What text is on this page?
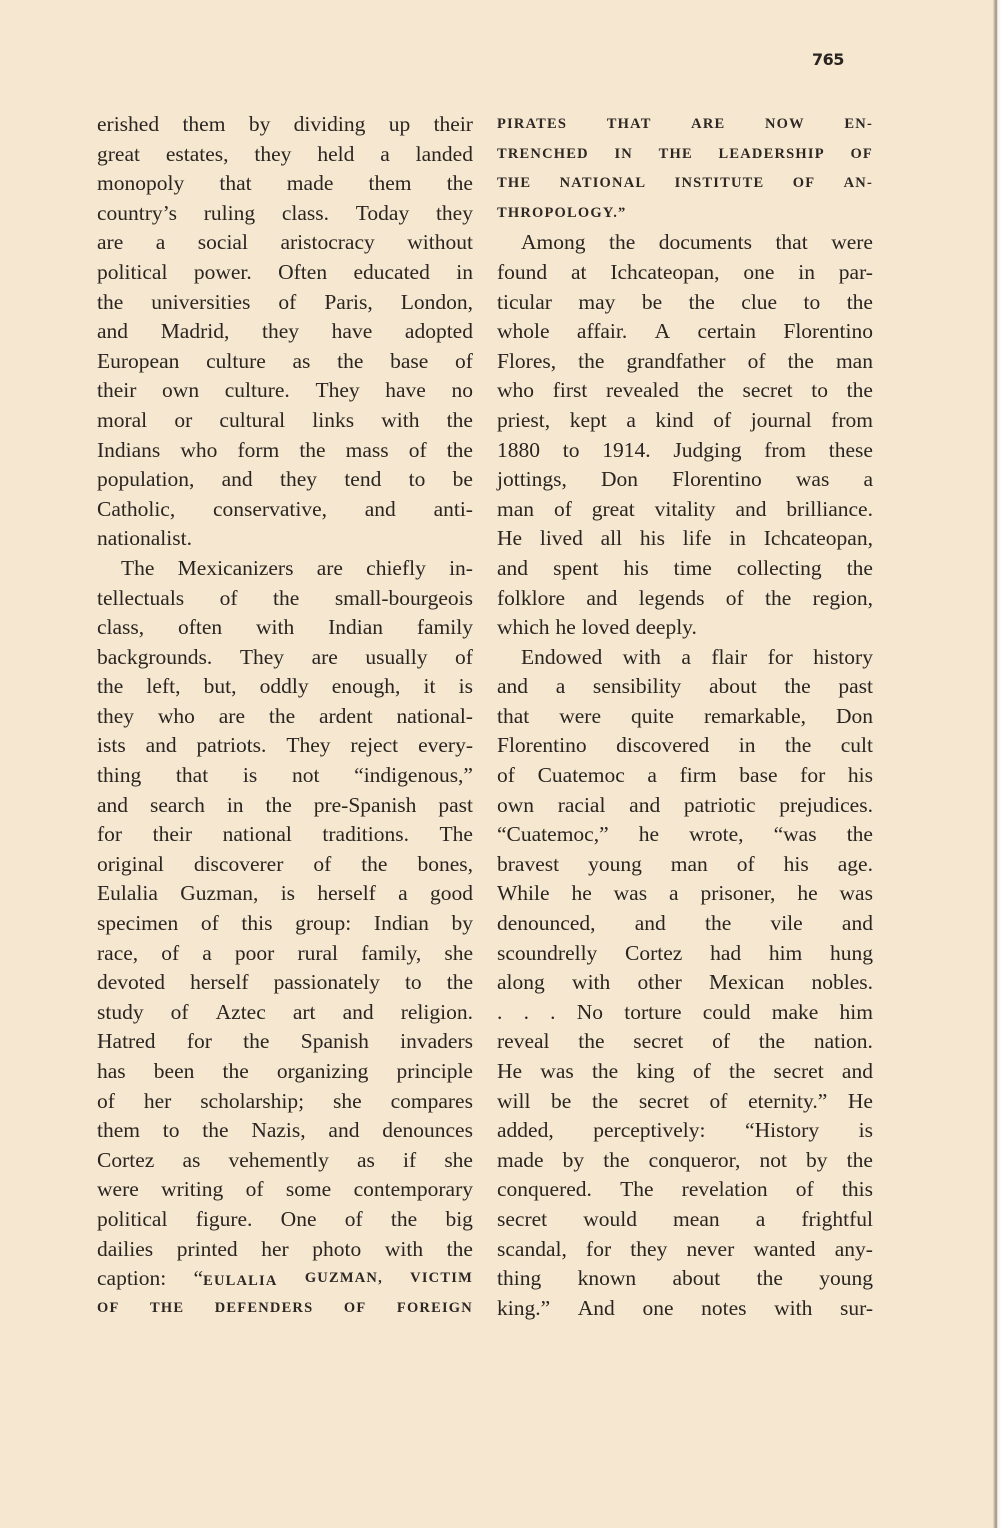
765
erished them by dividing up their
great estates, they held a landed
monopoly that made them the
country’s ruling class. Today they
are a social aristocracy without
political power. Often educated in
the universities of Paris, London,
and Madrid, they have adopted
European culture as the base of
their own culture. They have no
moral or cultural links with the
Indians who form the mass of the
population, and they tend to be
Catholic, conservative, and anti-
nationalist.
The Mexicanizers are chiefly in-
tellectuals of the small-bourgeois
class, often with Indian family
backgrounds. They are usually of
the left, but, oddly enough, it is
they who are the ardent national-
ists and patriots. They reject every-
thing that is not “indigenous,”
and search in the pre-Spanish past
for their national traditions. The
original discoverer of the bones,
Eulalia Guzman, is herself a good
specimen of this group: Indian by
race, of a poor rural family, she
devoted herself passionately to the
study of Aztec art and religion.
Hatred for the Spanish invaders
has been the organizing principle
of her scholarship; she compares
them to the Nazis, and denounces
Cortez as vehemently as if she
were writing of some contemporary
political figure. One of the big
dailies printed her photo with the
caption: “EULALIA GUZMAN, VICTIM
OF THE DEFENDERS OF FOREIGN
PIRATES	THAT	ARE	NOW	EN-
TRENCHED IN THE LEADERSHIP OF
THE NATIONAL INSTITUTE OF AN-
THROPOLOGY.”
Among the documents that were
found at Ichcateopan, one in par-
ticular may be the clue to the
whole affair. A certain Florentino
Flores, the grandfather of the man
who first revealed the secret to the
priest, kept a kind of journal from
1880 to 1914. Judging from these
jottings, Don Florentino was a
man of great vitality and brilliance.
He lived all his life in Ichcateopan,
and spent his time collecting the
folklore and legends of the region,
which he loved deeply.
Endowed with a flair for history
and a sensibility about the past
that were quite remarkable, Don
Florentino discovered in the cult
of Cuatemoc a firm base for his
own racial and patriotic prejudices.
“Cuatemoc,” he wrote, “was the
bravest young man of his age.
While he was a prisoner, he was
denounced, and the vile and
scoundrelly Cortez had him hung
along with other Mexican nobles.
. . . No torture could make him
reveal the secret of the nation.
He was the king of the secret and
will be the secret of eternity.” He
added, perceptively: “History is
made by the conqueror, not by the
conquered. The revelation of this
secret would mean a frightful
scandal, for they never wanted any-
thing known about the young
king.” And one notes with sur-
